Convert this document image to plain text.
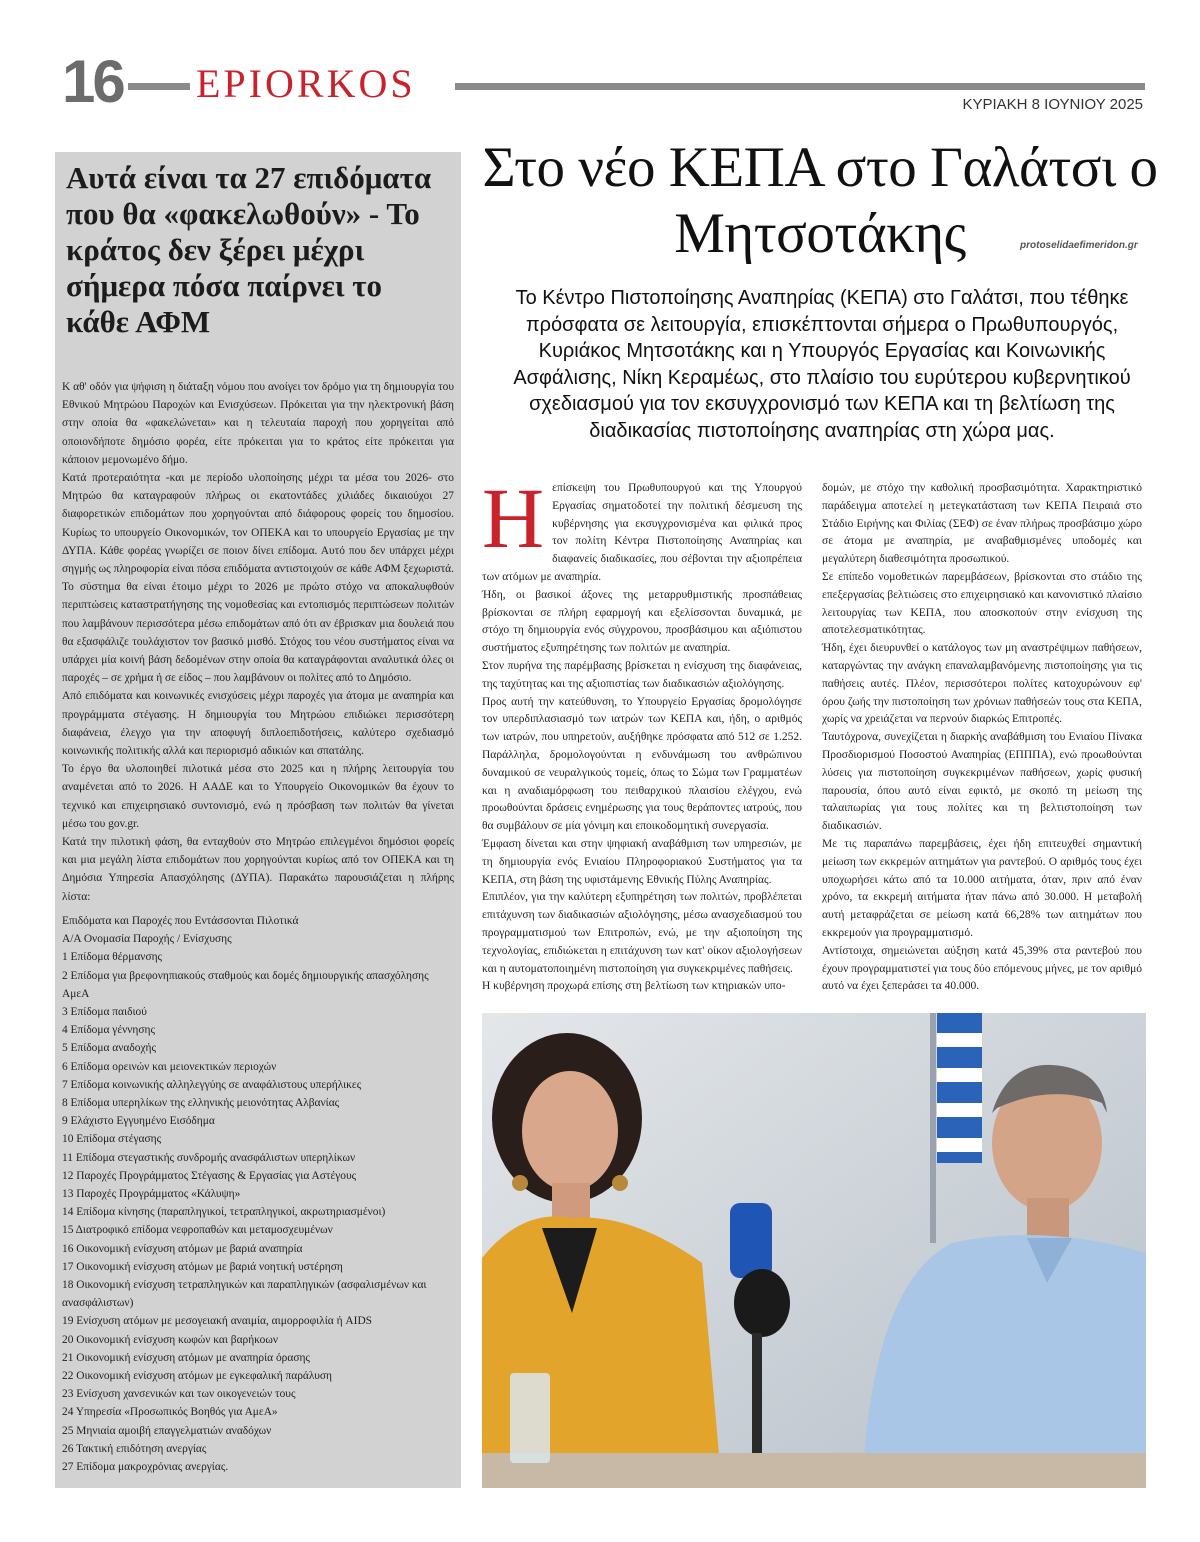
16 EPIORKOS	ΚΥΡΙΑΚΗ 8 ΙΟΥΝΙΟΥ 2025
Αυτά είναι τα 27 επιδόματα που θα «φακελωθούν» - Το κράτος δεν ξέρει μέχρι σήμερα πόσα παίρνει το κάθε ΑΦΜ

Κ αθ' οδόν για ψήφιση η διάταξη νόμου που ανοίγει τον δρόμο για τη δημιουργία του Εθνικού Μητρώου Παροχών και Ενισχύσεων. Πρόκειται για την ηλεκτρονική βάση στην οποία θα «φακελώνεται» και η τελευταία παροχή που χορηγείται από οποιονδήποτε δημόσιο φορέα, είτε πρόκειται για το κράτος είτε πρόκειται για κάποιον μεμονωμένο δήμο.

Κατά προτεραιότητα -και με περίοδο υλοποίησης μέχρι τα μέσα του 2026- στο Μητρώο θα καταγραφούν πλήρως οι εκατοντάδες χιλιάδες δικαιούχοι 27 διαφορετικών επιδομάτων που χορηγούνται από διάφορους φορείς του δημοσίου. Κυρίως το υπουργείο Οικονομικών, τον ΟΠΕΚΑ και το υπουργείο Εργασίας με την ΔΥΠΑ. Κάθε φορέας γνωρίζει σε ποιον δίνει επίδομα. Αυτό που δεν υπάρχει μέχρι σηγμής ως πληροφορία είναι πόσα επιδόματα αντιστοιχούν σε κάθε ΑΦΜ ξεχωριστά. Το σύστημα θα είναι έτοιμο μέχρι το 2026 με πρώτο στόχο να αποκαλυφθούν περιπτώσεις καταστρατήγησης της νομοθεσίας και εντοπισμός περιπτώσεων πολιτών που λαμβάνουν περισσότερα μέσω επιδομάτων από ότι αν έβρισκαν μια δουλειά που θα εξασφάλιζε τουλάχιστον τον βασικό μισθό. Στόχος του νέου συστήματος είναι να υπάρχει μία κοινή βάση δεδομένων στην οποία θα καταγράφονται αναλυτικά όλες οι παροχές – σε χρήμα ή σε είδος – που λαμβάνουν οι πολίτες από το Δημόσιο.

Από επιδόματα και κοινωνικές ενισχύσεις μέχρι παροχές για άτομα με αναπηρία και προγράμματα στέγασης. Η δημιουργία του Μητρώου επιδιώκει περισσότερη διαφάνεια, έλεγχο για την αποφυγή διπλοεπιδοτήσεις, καλύτερο σχεδιασμό κοινωνικής πολιτικής αλλά και περιορισμό αδικιών και σπατάλης.

Το έργο θα υλοποιηθεί πιλοτικά μέσα στο 2025 και η πλήρης λειτουργία του αναμένεται από το 2026. Η ΑΑΔΕ και το Υπουργείο Οικονομικών θα έχουν το τεχνικό και επιχειρησιακό συντονισμό, ενώ η πρόσβαση των πολιτών θα γίνεται μέσω του gov.gr.

Κατά την πιλοτική φάση, θα ενταχθούν στο Μητρώο επιλεγμένοι δημόσιοι φορείς και μια μεγάλη λίστα επιδομάτων που χορηγούνται κυρίως από τον ΟΠΕΚΑ και τη Δημόσια Υπηρεσία Απασχόλησης (ΔΥΠΑ). Παρακάτω παρουσιάζεται η πλήρης λίστα:

Επιδόματα και Παροχές που Εντάσσονται Πιλοτικά
Α/Α Ονομασία Παροχής / Ενίσχυσης
1 Επίδομα θέρμανσης
2 Επίδομα για βρεφονηπιακούς σταθμούς και δομές δημιουργικής απασχόλησης ΑμεΑ
3 Επίδομα παιδιού
4 Επίδομα γέννησης
5 Επίδομα αναδοχής
6 Επίδομα ορεινών και μειονεκτικών περιοχών
7 Επίδομα κοινωνικής αλληλεγγύης σε αναφάλιστους υπερήλικες
8 Επίδομα υπερηλίκων της ελληνικής μειονότητας Αλβανίας
9 Ελάχιστο Εγγυημένο Εισόδημα
10 Επίδομα στέγασης
11 Επίδομα στεγαστικής συνδρομής ανασφάλιστων υπερηλίκων
12 Παροχές Προγράμματος Στέγασης & Εργασίας για Αστέγους
13 Παροχές Προγράμματος «Κάλυψη»
14 Επίδομα κίνησης (παραπληγικοί, τετραπληγικοί, ακρωτηριασμένοι)
15 Διατροφικό επίδομα νεφροπαθών και μεταμοσχευμένων
16 Οικονομική ενίσχυση ατόμων με βαριά αναπηρία
17 Οικονομική ενίσχυση ατόμων με βαριά νοητική υστέρηση
18 Οικονομική ενίσχυση τετραπληγικών και παραπληγικών (ασφαλισμένων και ανασφάλιστων)
19 Ενίσχυση ατόμων με μεσογειακή αναιμία, αιμορροφιλία ή AIDS
20 Οικονομική ενίσχυση κωφών και βαρήκοων
21 Οικονομική ενίσχυση ατόμων με αναπηρία όρασης
22 Οικονομική ενίσχυση ατόμων με εγκεφαλική παράλυση
23 Ενίσχυση χανσενικών και των οικογενειών τους
24 Υπηρεσία «Προσωπικός Βοηθός για ΑμεΑ»
25 Μηνιαία αμοιβή επαγγελματιών αναδόχων
26 Τακτική επιδότηση ανεργίας
27 Επίδομα μακροχρόνιας ανεργίας.
Στο νέο ΚΕΠΑ στο Γαλάτσι ο Μητσοτάκης	protoselidaefimeridon.gr
Το Κέντρο Πιστοποίησης Αναπηρίας (ΚΕΠΑ) στο Γαλάτσι, που τέθηκε πρόσφατα σε λειτουργία, επισκέπτονται σήμερα ο Πρωθυπουργός, Κυριάκος Μητσοτάκης και η Υπουργός Εργασίας και Κοινωνικής Ασφάλισης, Νίκη Κεραμέως, στο πλαίσιο του ευρύτερου κυβερνητικού σχεδιασμού για τον εκσυγχρονισμό των ΚΕΠΑ και τη βελτίωση της διαδικασίας πιστοποίησης αναπηρίας στη χώρα μας.
Η επίσκεψη του Πρωθυπουργού και της Υπουργού Εργασίας σηματοδοτεί την πολιτική δέσμευση της κυβέρνησης για εκσυγχρονισμένα και φιλικά προς τον πολίτη Κέντρα Πιστοποίησης Αναπηρίας και διαφανείς διαδικασίες, που σέβονται την αξιοπρέπεια των ατόμων με αναπηρία.

Ήδη, οι βασικοί άξονες της μεταρρυθμιστικής προσπάθειας βρίσκονται σε πλήρη εφαρμογή και εξελίσσονται δυναμικά, με στόχο τη δημιουργία ενός σύγχρονου, προσβάσιμου και αξιόπιστου συστήματος εξυπηρέτησης των πολιτών με αναπηρία.

Στον πυρήνα της παρέμβασης βρίσκεται η ενίσχυση της διαφάνειας, της ταχύτητας και της αξιοπιστίας των διαδικασιών αξιολόγησης.

Προς αυτή την κατεύθυνση, το Υπουργείο Εργασίας δρομολόγησε τον υπερδιπλασιασμό των ιατρών των ΚΕΠΑ και, ήδη, ο αριθμός των ιατρών, που υπηρετούν, αυξήθηκε πρόσφατα από 512 σε 1.252. Παράλληλα, δρομολογούνται η ενδυνάμωση του ανθρώπινου δυναμικού σε νευραλγικούς τομείς, όπως το Σώμα των Γραμματέων και η αναδιαμόρφωση του πειθαρχικού πλαισίου ελέγχου, ενώ προωθούνται δράσεις ενημέρωσης για τους θεράποντες ιατρούς, που θα συμβάλουν σε μία γόνιμη και εποικοδομητική συνεργασία.

Έμφαση δίνεται και στην ψηφιακή αναβάθμιση των υπηρεσιών, με τη δημιουργία ενός Ενιαίου Πληροφοριακού Συστήματος για τα ΚΕΠΑ, στη βάση της υφιστάμενης Εθνικής Πύλης Αναπηρίας.

Επιπλέον, για την καλύτερη εξυπηρέτηση των πολιτών, προβλέπεται επιτάχυνση των διαδικασιών αξιολόγησης, μέσω ανασχεδιασμού του προγραμματισμού των Επιτροπών, ενώ, με την αξιοποίηση της τεχνολογίας, επιδιώκεται η επιτάχυνση των κατ' οίκον αξιολογήσεων και η αυτοματοποιημένη πιστοποίηση για συγκεκριμένες παθήσεις.

Η κυβέρνηση προχωρά επίσης στη βελτίωση των κτηριακών υπο-

δομών, με στόχο την καθολική προσβασιμότητα. Χαρακτηριστικό παράδειγμα αποτελεί η μετεγκατάσταση των ΚΕΠΑ Πειραιά στο Στάδιο Ειρήνης και Φιλίας (ΣΕΦ) σε έναν πλήρως προσβάσιμο χώρο σε άτομα με αναπηρία, με αναβαθμισμένες υποδομές και μεγαλύτερη διαθεσιμότητα προσωπικού.

Σε επίπεδο νομοθετικών παρεμβάσεων, βρίσκονται στο στάδιο της επεξεργασίας βελτιώσεις στο επιχειρησιακό και κανονιστικό πλαίσιο λειτουργίας των ΚΕΠΑ, που αποσκοπούν στην ενίσχυση της αποτελεσματικότητας.

Ήδη, έχει διευρυνθεί ο κατάλογος των μη αναστρέψιμων παθήσεων, καταργώντας την ανάγκη επαναλαμβανόμενης πιστοποίησης για τις παθήσεις αυτές. Πλέον, περισσότεροι πολίτες κατοχυρώνουν εφ' όρου ζωής την πιστοποίηση των χρόνιων παθήσεών τους στα ΚΕΠΑ, χωρίς να χρειάζεται να περνούν διαρκώς Επιτροπές.

Ταυτόχρονα, συνεχίζεται η διαρκής αναβάθμιση του Ενιαίου Πίνακα Προσδιορισμού Ποσοστού Αναπηρίας (ΕΠΠΠΑ), ενώ προωθούνται λύσεις για πιστοποίηση συγκεκριμένων παθήσεων, χωρίς φυσική παρουσία, όπου αυτό είναι εφικτό, με σκοπό τη μείωση της ταλαιπωρίας για τους πολίτες και τη βελτιστοποίηση των διαδικασιών.

Με τις παραπάνω παρεμβάσεις, έχει ήδη επιτευχθεί σημαντική μείωση των εκκρεμών αιτημάτων για ραντεβού. Ο αριθμός τους έχει υποχωρήσει κάτω από τα 10.000 αιτήματα, όταν, πριν από έναν χρόνο, τα εκκρεμή αιτήματα ήταν πάνω από 30.000. Η μεταβολή αυτή μεταφράζεται σε μείωση κατά 66,28% των αιτημάτων που εκκρεμούν για προγραμματισμό.

Αντίστοιχα, σημειώνεται αύξηση κατά 45,39% στα ραντεβού που έχουν προγραμματιστεί για τους δύο επόμενους μήνες, με τον αριθμό αυτό να έχει ξεπεράσει τα 40.000.
